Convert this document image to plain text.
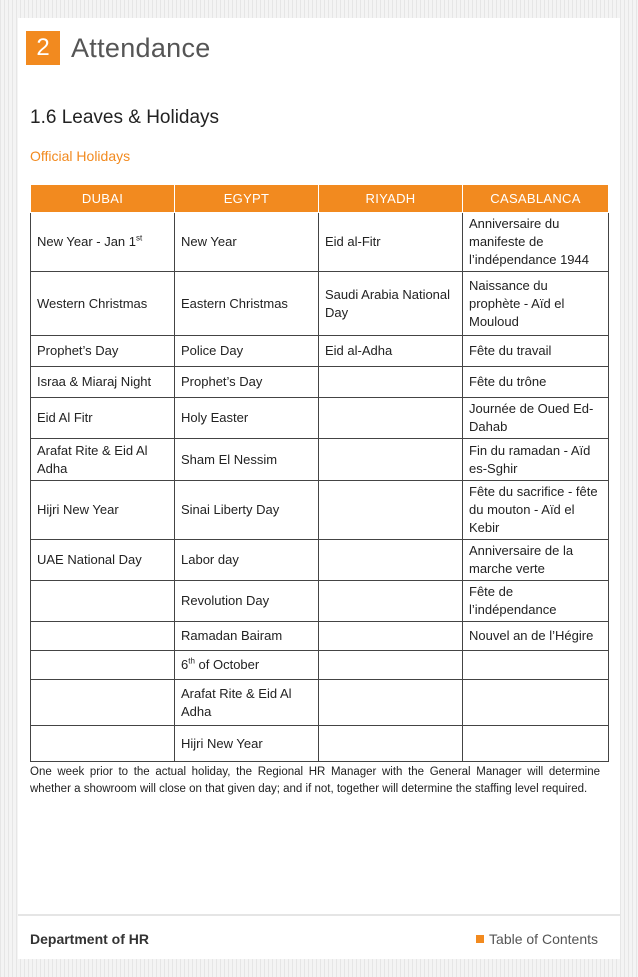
2 Attendance
1.6 Leaves & Holidays
Official Holidays
DUBAI	EGYPT	RIYADH	CASABLANCA
New Year - Jan 1st	New Year	Eid al-Fitr	Anniversaire du manifeste de l’indépendance 1944
Western Christmas	Eastern Christmas	Saudi Arabia National Day	Naissance du prophète - Aïd el Mouloud
Prophet’s Day	Police Day	Eid al-Adha	Fête du travail
Israa & Miaraj Night	Prophet’s Day		Fête du trône
Eid Al Fitr	Holy Easter		Journée de Oued Ed-Dahab
Arafat Rite & Eid Al Adha	Sham El Nessim		Fin du ramadan - Aïd es-Sghir
Hijri New Year	Sinai Liberty Day		Fête du sacrifice - fête du mouton - Aïd el Kebir
UAE National Day	Labor day		Anniversaire de la marche verte
	Revolution Day		Fête de l’indépendance
	Ramadan Bairam		Nouvel an de l’Hégire
	6th of October		
	Arafat Rite & Eid Al Adha		
	Hijri New Year		
One week prior to the actual holiday, the Regional HR Manager with the General Manager will determine whether a showroom will close on that given day; and if not, together will determine the staffing level required.
Department of HR	Table of Contents
